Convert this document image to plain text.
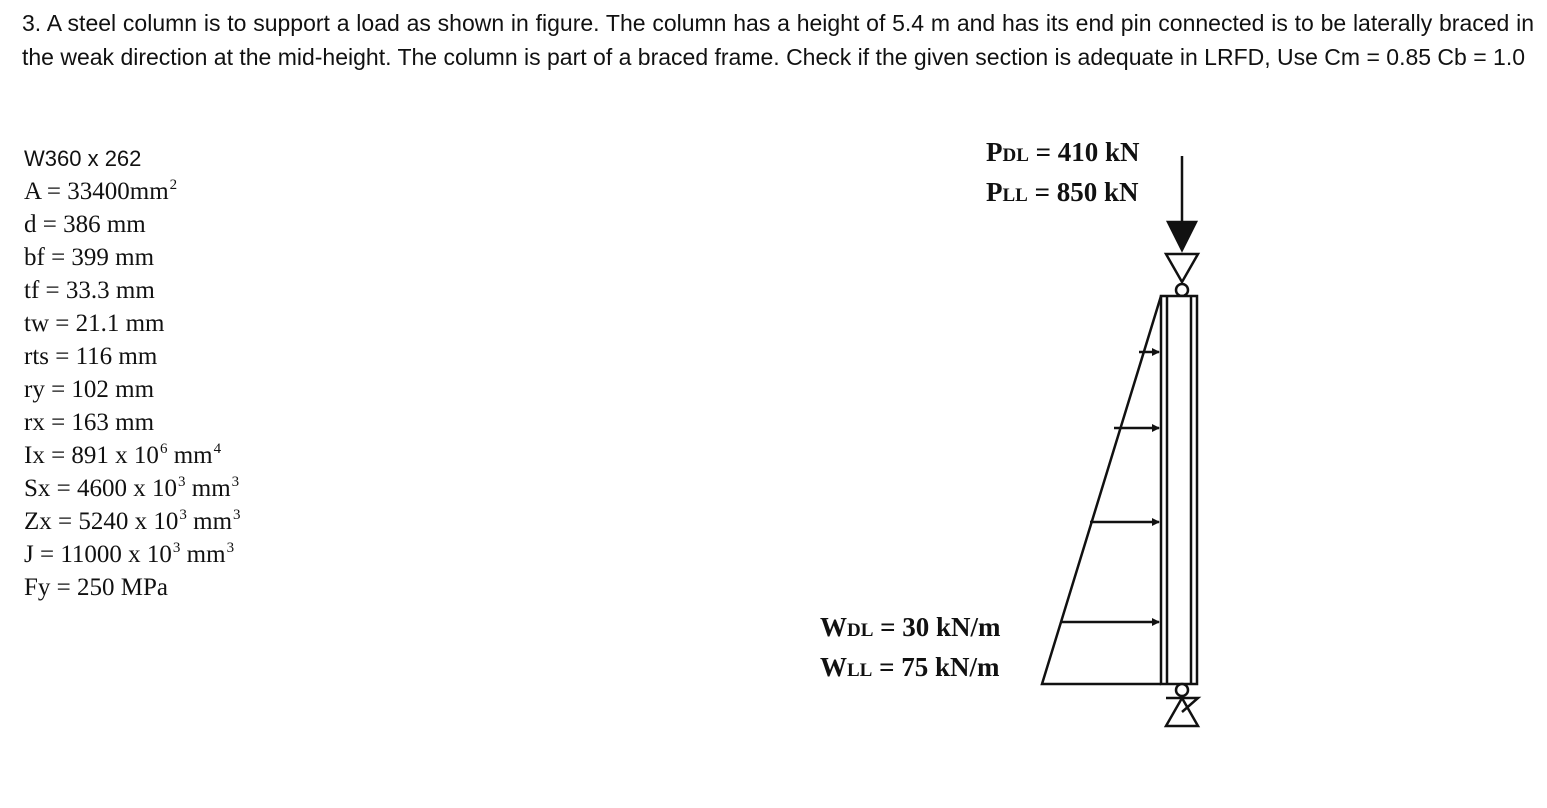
3. A steel column is to support a load as shown in figure. The column has a height of 5.4 m and has its end pin connected is to be laterally braced in the weak direction at the mid-height. The column is part of a braced frame. Check if the given section is adequate in LRFD, Use Cm = 0.85 Cb = 1.0

W360 x 262
$A = 33400mm^2$
d = 386 mm
bf = 399 mm
tf = 33.3 mm
tw = 21.1 mm
rts = 116 mm
ry = 102 mm
rx = 163 mm
Ix = 891 x $10^6$ $mm^4$
Sx = 4600 x $10^3$ $mm^3$
Zx = 5240 x $10^3$ $mm^3$
J = 11000 x $10^3$ $mm^3$
Fy = 250 MPa
PDL = 410 kN
PLL = 850 kN
WDL = 30 kN/m
WLL = 75 kN/m
